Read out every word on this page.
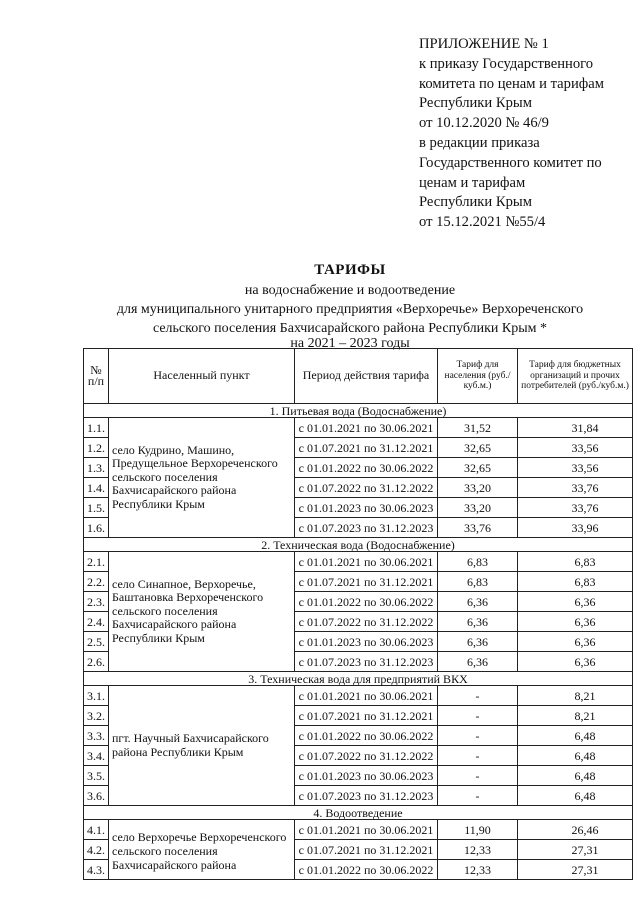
ПРИЛОЖЕНИЕ № 1
к приказу Государственного
комитета по ценам и тарифам
Республики Крым
от 10.12.2020 № 46/9
в редакции приказа
Государственного комитет по
ценам и тарифам
Республики Крым
от 15.12.2021 №55/4
ТАРИФЫ
на водоснабжение и водоотведение
для муниципального унитарного предприятия «Верхоречье» Верхореченского
сельского поселения Бахчисарайского района Республики Крым *
на 2021 – 2023 годы
№ п/п	Населенный пункт	Период действия тарифа	Тариф для населения (руб./куб.м.)	Тариф для бюджетных организаций и прочих потребителей (руб./куб.м.)
1. Питьевая вода (Водоснабжение)				
1.1.	село Кудрино, Машино, Предущельное Верхореченского сельского поселения Бахчисарайского района Республики Крым	с 01.01.2021 по 30.06.2021	31,52	31,84
1.2.		с 01.07.2021 по 31.12.2021	32,65	33,56
1.3.		с 01.01.2022 по 30.06.2022	32,65	33,56
1.4.		с 01.07.2022 по 31.12.2022	33,20	33,76
1.5.		с 01.01.2023 по 30.06.2023	33,20	33,76
1.6.		с 01.07.2023 по 31.12.2023	33,76	33,96
2. Техническая вода (Водоснабжение)				
2.1.	село Синапное, Верхоречье, Баштановка Верхореченского сельского поселения Бахчисарайского района Республики Крым	с 01.01.2021 по 30.06.2021	6,83	6,83
2.2.		с 01.07.2021 по 31.12.2021	6,83	6,83
2.3.		с 01.01.2022 по 30.06.2022	6,36	6,36
2.4.		с 01.07.2022 по 31.12.2022	6,36	6,36
2.5.		с 01.01.2023 по 30.06.2023	6,36	6,36
2.6.		с 01.07.2023 по 31.12.2023	6,36	6,36
3. Техническая вода для предприятий ВКХ				
3.1.	пгт. Научный Бахчисарайского района Республики Крым	с 01.01.2021 по 30.06.2021	-	8,21
3.2.		с 01.07.2021 по 31.12.2021	-	8,21
3.3.		с 01.01.2022 по 30.06.2022	-	6,48
3.4.		с 01.07.2022 по 31.12.2022	-	6,48
3.5.		с 01.01.2023 по 30.06.2023	-	6,48
3.6.		с 01.07.2023 по 31.12.2023	-	6,48
4. Водоотведение				
4.1.	село Верхоречье Верхореченского сельского поселения Бахчисарайского района	с 01.01.2021 по 30.06.2021	11,90	26,46
4.2.		с 01.07.2021 по 31.12.2021	12,33	27,31
4.3.		с 01.01.2022 по 30.06.2022	12,33	27,31
